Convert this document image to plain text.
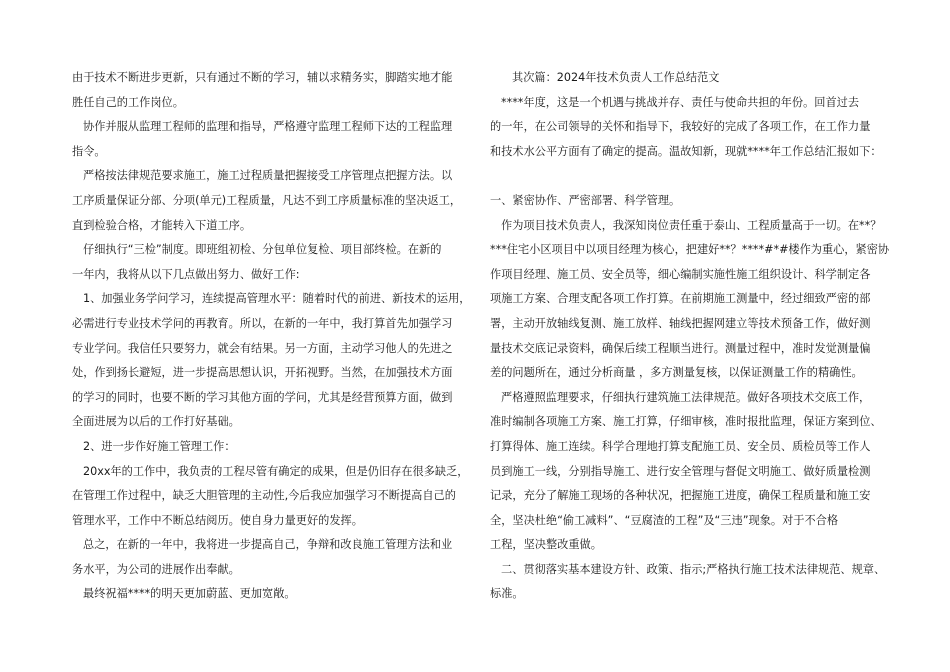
由于技术不断进步更新，只有通过不断的学习，辅以求精务实，脚踏实地才能
胜任自己的工作岗位。
协作并服从监理工程师的监理和指导，严格遵守监理工程师下达的工程监理
指令。
严格按法律规范要求施工，施工过程质量把握接受工序管理点把握方法。以
工序质量保证分部、分项(单元)工程质量，凡达不到工序质量标准的坚决返工，
直到检验合格，才能转入下道工序。
仔细执行“三检”制度。即班组初检、分包单位复检、项目部终检。在新的
一年内，我将从以下几点做出努力、做好工作:
1、加强业务学问学习，连续提高管理水平：随着时代的前进、新技术的运用，
必需进行专业技术学问的再教育。所以，在新的一年中，我打算首先加强学习
专业学问。我信任只要努力，就会有结果。另一方面，主动学习他人的先进之
处，作到扬长避短，进一步提高思想认识，开拓视野。当然，在加强技术方面
的学习的同时，也要不断的学习其他方面的学问，尤其是经营预算方面，做到
全面进展为以后的工作打好基础。
2、进一步作好施工管理工作：
20xx年的工作中，我负责的工程尽管有确定的成果，但是仍旧存在很多缺乏，
在管理工作过程中，缺乏大胆管理的主动性,今后我应加强学习不断提高自己的
管理水平，工作中不断总结阅历。使自身力量更好的发挥。
总之，在新的一年中，我将进一步提高自己，争辩和改良施工管理方法和业
务水平，为公司的进展作出奉献。
最终祝福****的明天更加蔚蓝、更加宽敞。
其次篇：2024年技术负责人工作总结范文
****年度，这是一个机遇与挑战并存、责任与使命共担的年份。回首过去
的一年，在公司领导的关怀和指导下，我较好的完成了各项工作，在工作力量
和技术水公平方面有了确定的提高。温故知新，现就****年工作总结汇报如下：
一、紧密协作、严密部署、科学管理。
作为项目技术负责人，我深知岗位责任重于泰山、工程质量高于一切。在**？
***住宅小区项目中以项目经理为核心，把建好**？****#*#楼作为重心，紧密协
作项目经理、施工员、安全员等，细心编制实施性施工组织设计、科学制定各
项施工方案、合理支配各项工作打算。在前期施工测量中，经过细致严密的部
署，主动开放轴线复测、施工放样、轴线把握网建立等技术预备工作，做好测
量技术交底记录资料，确保后续工程顺当进行。测量过程中，准时发觉测量偏
差的问题所在，通过分析商量 ，多方测量复核，以保证测量工作的精确性。
严格遵照监理要求，仔细执行建筑施工法律规范。做好各项技术交底工作，
准时编制各项施工方案、施工打算，仔细审核，准时报批监理，保证方案到位、
打算得体、施工连续。科学合理地打算支配施工员、安全员、质检员等工作人
员到施工一线，分别指导施工、进行安全管理与督促文明施工、做好质量检测
记录，充分了解施工现场的各种状况，把握施工进度，确保工程质量和施工安
全，坚决杜绝“偷工减料”、“豆腐渣的工程”及“三违”现象。对于不合格
工程，坚决整改重做。
二、贯彻落实基本建设方针、政策、指示;严格执行施工技术法律规范、规章、
标准。
